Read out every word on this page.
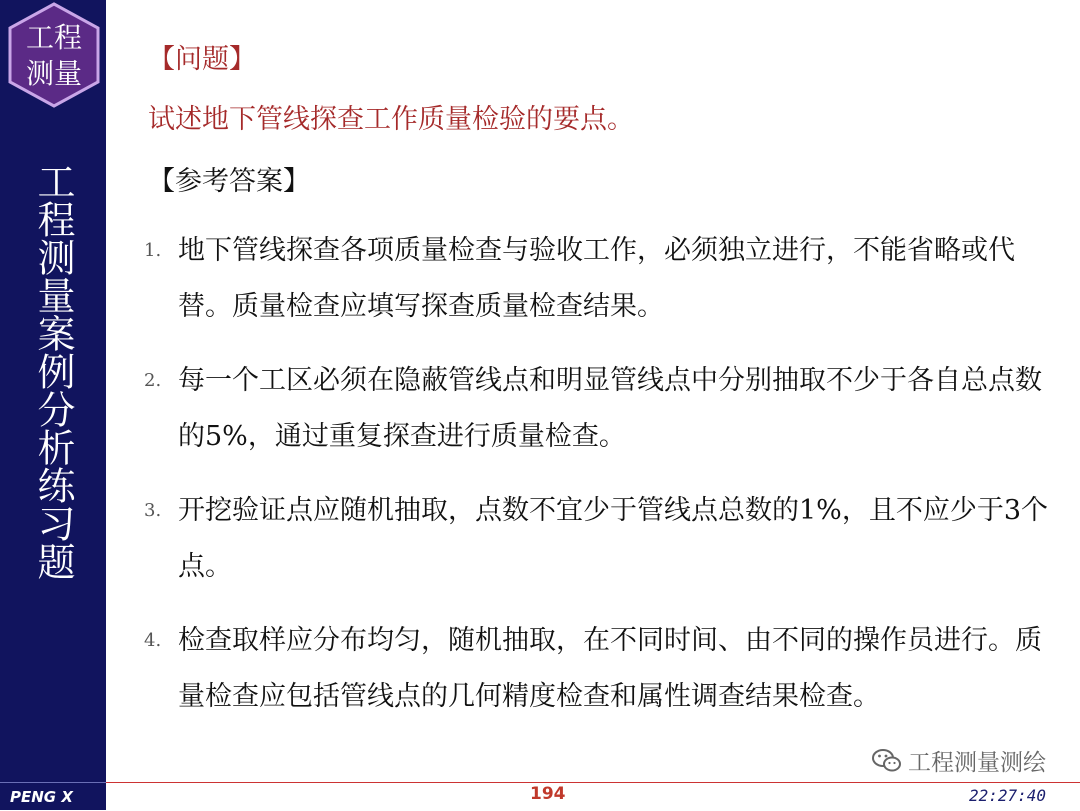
工程
测量
工程测量案例分析练习题
PENG X
【问题】
试述地下管线探查工作质量检验的要点。
【参考答案】
1. 地下管线探查各项质量检查与验收工作，必须独立进行，不能省略或代替。质量检查应填写探查质量检查结果。
2. 每一个工区必须在隐蔽管线点和明显管线点中分别抽取不少于各自总点数的5%，通过重复探查进行质量检查。
3. 开挖验证点应随机抽取，点数不宜少于管线点总数的1%，且不应少于3个点。
4. 检查取样应分布均匀，随机抽取，在不同时间、由不同的操作员进行。质量检查应包括管线点的几何精度检查和属性调查结果检查。
工程测量测绘
194	22:27:40
